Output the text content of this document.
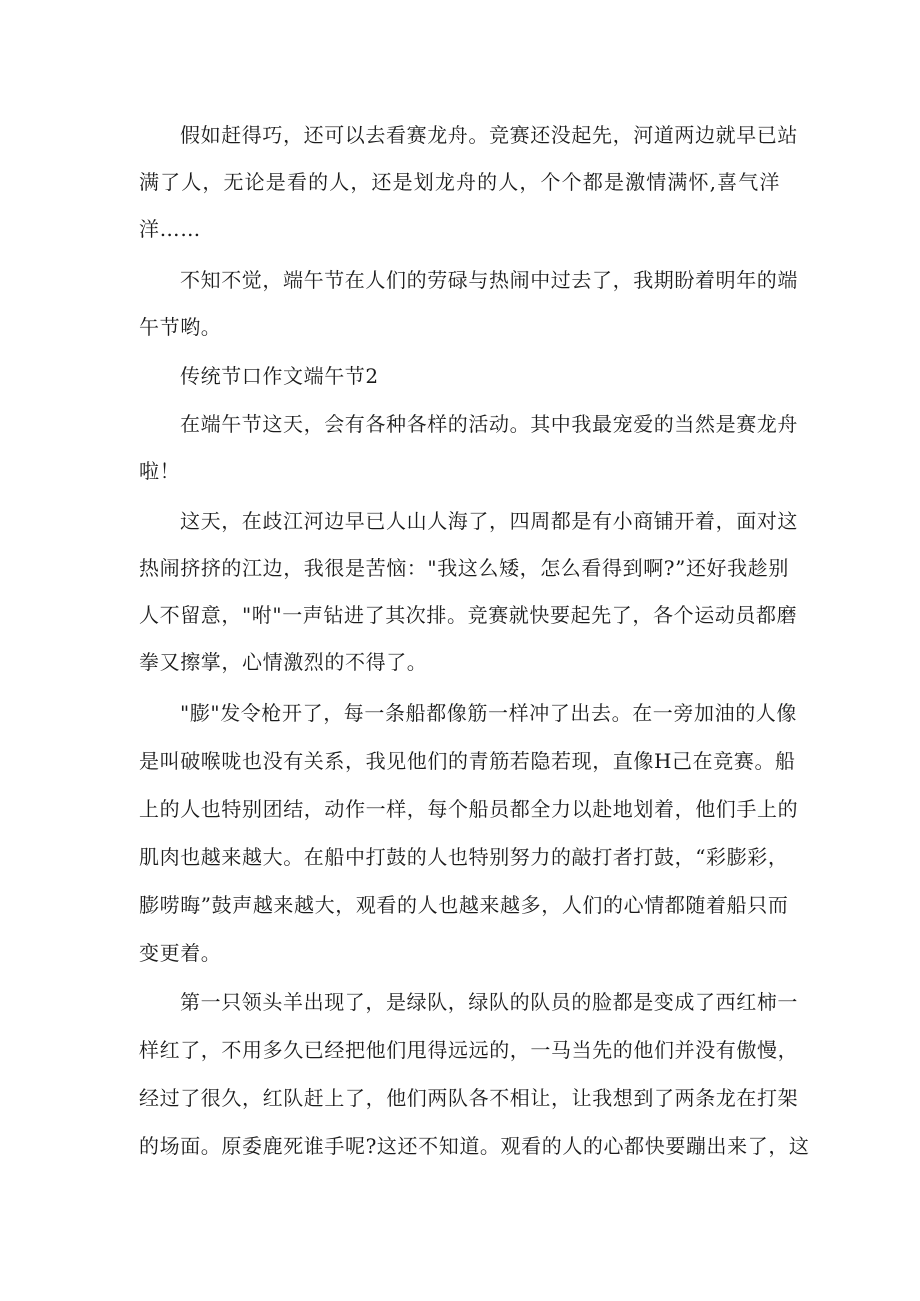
假如赶得巧，还可以去看赛龙舟。竞赛还没起先，河道两边就早已站

满了人，无论是看的人，还是划龙舟的人，个个都是激情满怀,喜气洋

洋……

不知不觉，端午节在人们的劳碌与热闹中过去了，我期盼着明年的端

午节哟。

传统节口作文端午节2

在端午节这天，会有各种各样的活动。其中我最宠爱的当然是赛龙舟

啦！

这天，在歧江河边早已人山人海了，四周都是有小商铺开着，面对这

热闹挤挤的江边，我很是苦恼："我这么矮，怎么看得到啊?”还好我趁别

人不留意，"咐"一声钻进了其次排。竞赛就快要起先了，各个运动员都磨

拳又擦掌，心情激烈的不得了。

"膨"发令枪开了，每一条船都像筋一样冲了出去。在一旁加油的人像

是叫破喉咙也没有关系，我见他们的青筋若隐若现，直像H己在竞赛。船

上的人也特别团结，动作一样，每个船员都全力以赴地划着，他们手上的

肌肉也越来越大。在船中打鼓的人也特别努力的敲打者打鼓，“彩膨彩，

膨唠晦”鼓声越来越大，观看的人也越来越多，人们的心情都随着船只而

变更着。

第一只领头羊出现了，是绿队，绿队的队员的脸都是变成了西红柿一

样红了，不用多久已经把他们甩得远远的，一马当先的他们并没有傲慢，

经过了很久，红队赶上了，他们两队各不相让，让我想到了两条龙在打架

的场面。原委鹿死谁手呢?这还不知道。观看的人的心都快要蹦出来了，这
